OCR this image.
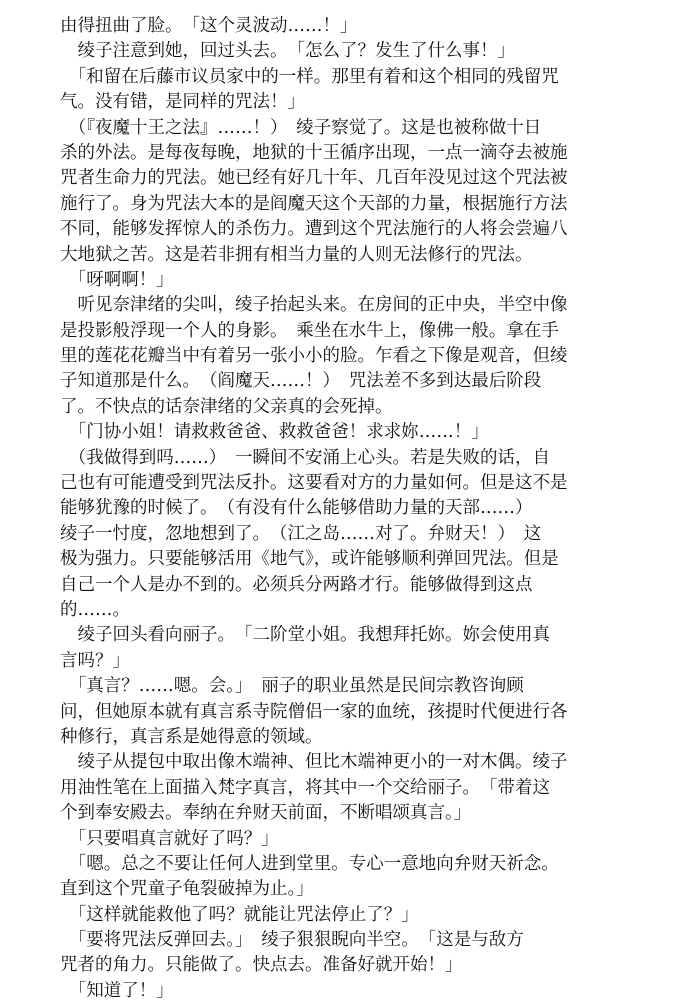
由得扭曲了脸。　「这个灵波动……！」
　绫子注意到她，回过头去。　「怎么了？发生了什么事！」
　「和留在后藤市议员家中的一样。那里有着和这个相同的残留咒
气。没有错，是同样的咒法！」
　（『夜魔十王之法』……！）　绫子察觉了。这是也被称做十日
杀的外法。是每夜每晚，地狱的十王循序出现，一点一滴夺去被施
咒者生命力的咒法。她已经有好几十年、几百年没见过这个咒法被
施行了。身为咒法大本的是阎魔天这个天部的力量，根据施行方法
不同，能够发挥惊人的杀伤力。遭到这个咒法施行的人将会尝遍八
大地狱之苦。这是若非拥有相当力量的人则无法修行的咒法。
　「呀啊啊！」
　听见奈津绪的尖叫，绫子抬起头来。在房间的正中央，半空中像
是投影般浮现一个人的身影。　乘坐在水牛上，像佛一般。拿在手
里的莲花花瓣当中有着另一张小小的脸。乍看之下像是观音，但绫
子知道那是什么。　（阎魔天……！）　咒法差不多到达最后阶段
了。不快点的话奈津绪的父亲真的会死掉。
　「门协小姐！请救救爸爸、救救爸爸！求求妳……！」
　（我做得到吗……）　一瞬间不安涌上心头。若是失败的话，自
己也有可能遭受到咒法反扑。这要看对方的力量如何。但是这不是
能够犹豫的时候了。　（有没有什么能够借助力量的天部……）
绫子一忖度，忽地想到了。　（江之岛……对了。弁财天！）　这
极为强力。只要能够活用《地气》，或许能够顺利弹回咒法。但是
自己一个人是办不到的。必须兵分两路才行。能够做得到这点
的……。
　绫子回头看向丽子。　「二阶堂小姐。我想拜托妳。妳会使用真
言吗？」
　「真言？……嗯。会。」　丽子的职业虽然是民间宗教咨询顾
问，但她原本就有真言系寺院僧侣一家的血统，孩提时代便进行各
种修行，真言系是她得意的领域。
　绫子从提包中取出像木端神、但比木端神更小的一对木偶。绫子
用油性笔在上面描入梵字真言，将其中一个交给丽子。　「带着这
个到奉安殿去。奉纳在弁财天前面，不断唱颂真言。」
　「只要唱真言就好了吗？」
　「嗯。总之不要让任何人进到堂里。专心一意地向弁财天祈念。
直到这个咒童子龟裂破掉为止。」
　「这样就能救他了吗？就能让咒法停止了？」
　「要将咒法反弹回去。」　绫子狠狠睨向半空。　「这是与敌方
咒者的角力。只能做了。快点去。准备好就开始！」
　「知道了！」
